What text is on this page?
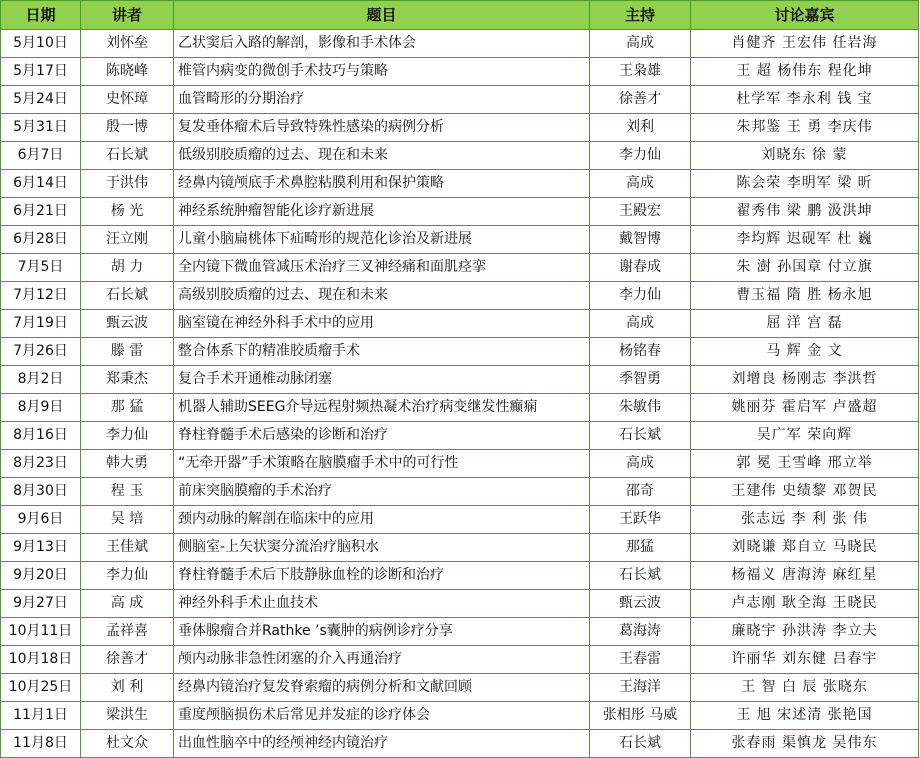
日期	讲者	题目	主持	讨论嘉宾
5月10日	刘怀垒	乙状窦后入路的解剖，影像和手术体会	高成	肖健齐 王宏伟 任岩海
5月17日	陈晓峰	椎管内病变的微创手术技巧与策略	王枭雄	王 超 杨伟东 程化坤
5月24日	史怀璋	血管畸形的分期治疗	徐善才	杜学军 李永利 钱 宝
5月31日	殷一博	复发垂体瘤术后导致特殊性感染的病例分析	刘利	朱邦鉴 王 勇 李庆伟
6月7日	石长斌	低级别胶质瘤的过去、现在和未来	李力仙	刘晓东 徐 蒙
6月14日	于洪伟	经鼻内镜颅底手术鼻腔粘膜利用和保护策略	高成	陈会荣 李明军 梁 昕
6月21日	杨 光	神经系统肿瘤智能化诊疗新进展	王殿宏	翟秀伟 梁 鹏 汲洪坤
6月28日	汪立刚	儿童小脑扁桃体下疝畸形的规范化诊治及新进展	戴智博	李均辉 迟砚军 杜 巍
7月5日	胡 力	全内镜下微血管减压术治疗三叉神经痛和面肌痉挛	谢春成	朱 澍 孙国章 付立旗
7月12日	石长斌	高级别胶质瘤的过去、现在和未来	李力仙	曹玉福 隋 胜 杨永旭
7月19日	甄云波	脑室镜在神经外科手术中的应用	高成	屈 洋 宫 磊
7月26日	滕 雷	整合体系下的精准胶质瘤手术	杨铭春	马 辉 金 文
8月2日	郑秉杰	复合手术开通椎动脉闭塞	季智勇	刘增良 杨刚志 李洪哲
8月9日	那 猛	机器人辅助SEEG介导远程射频热凝术治疗病变继发性癫痫	朱敏伟	姚丽芬 霍启军 卢盛超
8月16日	李力仙	脊柱脊髓手术后感染的诊断和治疗	石长斌	吴广军 荣向辉
8月23日	韩大勇	“无牵开器”手术策略在脑膜瘤手术中的可行性	高成	郭 冕 王雪峰 邢立举
8月30日	程 玉	前床突脑膜瘤的手术治疗	邵奇	王建伟 史绩黎 邓贺民
9月6日	吴 培	颈内动脉的解剖在临床中的应用	王跃华	张志远 李 利 张 伟
9月13日	王佳斌	侧脑室-上矢状窦分流治疗脑积水	那猛	刘晓谦 郑自立 马晓民
9月20日	李力仙	脊柱脊髓手术后下肢静脉血栓的诊断和治疗	石长斌	杨福义 唐海涛 麻红星
9月27日	高 成	神经外科手术止血技术	甄云波	卢志刚 耿全海 王晓民
10月11日	孟祥喜	垂体腺瘤合并Rathke ’s囊肿的病例诊疗分享	葛海涛	廉晓宇 孙洪涛 李立夫
10月18日	徐善才	颅内动脉非急性闭塞的介入再通治疗	王春雷	许丽华 刘东健 吕春宇
10月25日	刘 利	经鼻内镜治疗复发脊索瘤的病例分析和文献回顾	王海洋	王 智 白 辰 张晓东
11月1日	梁洪生	重度颅脑损伤术后常见并发症的诊疗体会	张相彤 马威	王 旭 宋述清 张艳国
11月8日	杜文众	出血性脑卒中的经颅神经内镜治疗	石长斌	张春雨 渠慎龙 吴伟东
